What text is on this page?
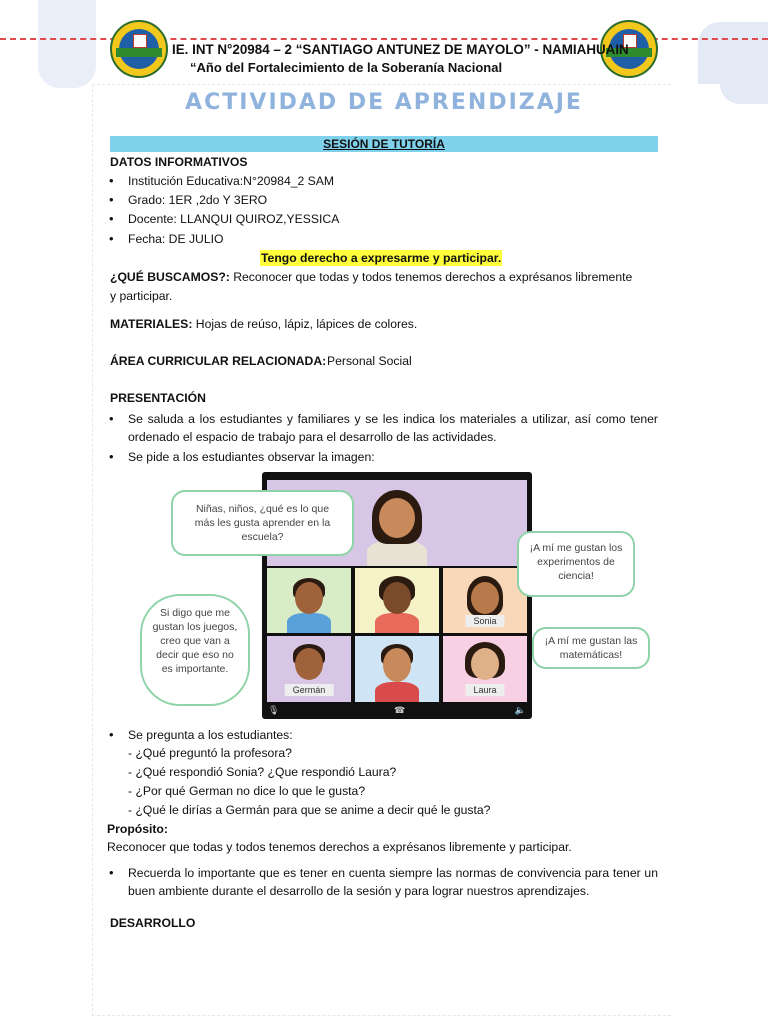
IE. INT N°20984 – 2 “SANTIAGO ANTUNEZ DE MAYOLO” - NAMIAHUAIN
“Año del Fortalecimiento de la Soberanía Nacional
ACTIVIDAD DE APRENDIZAJE
SESIÓN DE TUTORÍA
DATOS INFORMATIVOS
• Institución Educativa:N°20984_2 SAM
• Grado: 1ER ,2do Y 3ERO
• Docente: LLANQUI QUIROZ,YESSICA
• Fecha: DE JULIO
Tengo derecho a expresarme y participar.
¿QUÉ BUSCAMOS?: Reconocer que todas y todos tenemos derechos a exprésanos libremente
y participar.
MATERIALES: Hojas de reúso, lápiz, lápices de colores.
ÁREA CURRICULAR RELACIONADA: Personal Social
PRESENTACIÓN
• Se saluda a los estudiantes y familiares y se les indica los materiales a utilizar, así como tener ordenado el espacio de trabajo para el desarrollo de las actividades.
• Se pide a los estudiantes observar la imagen:
Sonia
Germán	Laura
🎙	☎	🔈
Niñas, niños, ¿qué es lo que más les gusta aprender en la escuela?
¡A mí me gustan los experimentos de ciencia!
¡A mí me gustan las matemáticas!
Si digo que me gustan los juegos, creo que van a decir que eso no es importante.
• Se pregunta a los estudiantes:
- ¿Qué preguntó la profesora?
- ¿Qué respondió Sonia? ¿Que respondió Laura?
- ¿Por qué German no dice lo que le gusta?
- ¿Qué le dirías a Germán para que se anime a decir qué le gusta?
Propósito:
Reconocer que todas y todos tenemos derechos a exprésanos libremente y participar.
• Recuerda lo importante que es tener en cuenta siempre las normas de convivencia para tener un buen ambiente durante el desarrollo de la sesión y para lograr nuestros aprendizajes.
DESARROLLO
